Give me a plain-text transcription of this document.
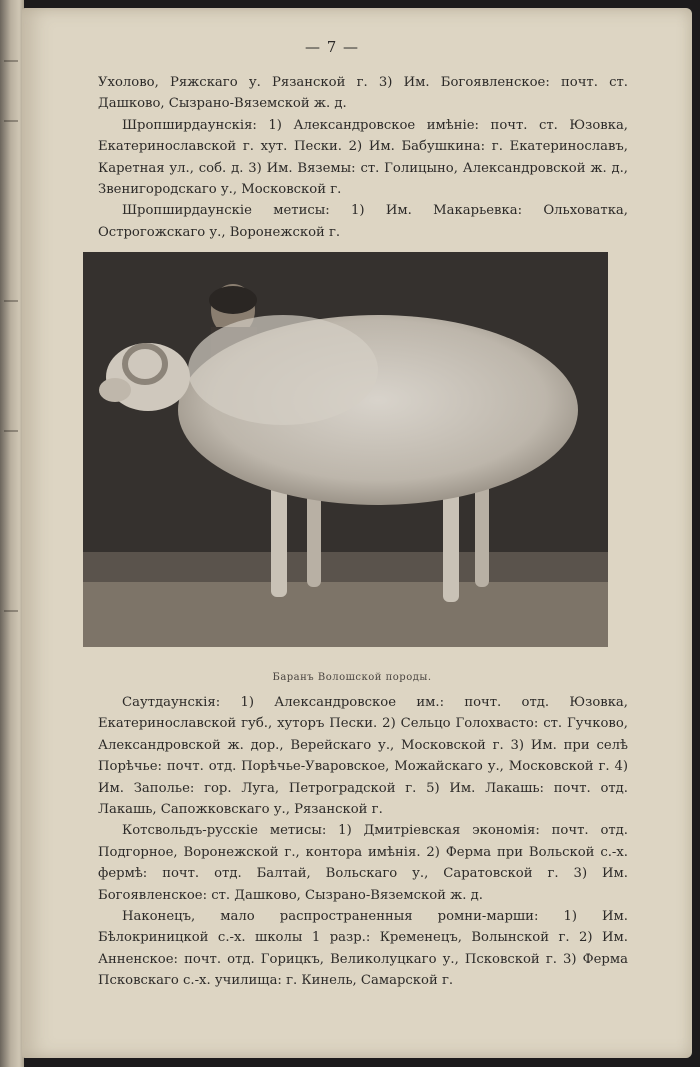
— 7 —

Ухолово, Ряжскаго у. Рязанской г. 3) Им. Богоявленское: почт. ст. Дашково, Сызрано-Вяземской ж. д.

Шропширдаунскія: 1) Александровское имѣніе: почт. ст. Юзовка, Екатеринославской г. хут. Пески. 2) Им. Бабушкина: г. Екатеринославъ, Каретная ул., соб. д. 3) Им. Вяземы: ст. Голицыно, Александровской ж. д., Звенигородскаго у., Московской г.

Шропширдаунскіе метисы: 1) Им. Макарьевка: Ольховатка, Острогожскаго у., Воронежской г.

Баранъ Волошской породы.

Саутдаунскія: 1) Александровское им.: почт. отд. Юзовка, Екатеринославской губ., хуторъ Пески. 2) Сельцо Голохвасто: ст. Гучково, Александровской ж. дор., Верейскаго у., Московской г. 3) Им. при селѣ Порѣчье: почт. отд. Порѣчье-Уваровское, Можайскаго у., Московской г. 4) Им. Заполье: гор. Луга, Петроградской г. 5) Им. Лакашь: почт. отд. Лакашь, Сапожковскаго у., Рязанской г.

Котсвольдъ-русскіе метисы: 1) Дмитріевская экономія: почт. отд. Подгорное, Воронежской г., контора имѣнія. 2) Ферма при Вольской с.-х. фермѣ: почт. отд. Балтай, Вольскаго у., Саратовской г. 3) Им. Богоявленское: ст. Дашково, Сызрано-Вяземской ж. д.

Наконецъ, мало распространенныя ромни-марши: 1) Им. Бѣлокриницкой с.-х. школы 1 разр.: Кременецъ, Волынской г. 2) Им. Анненское: почт. отд. Горицкъ, Великолуцкаго у., Псковской г. 3) Ферма Псковскаго с.-х. училища: г. Кинель, Самарской г.
